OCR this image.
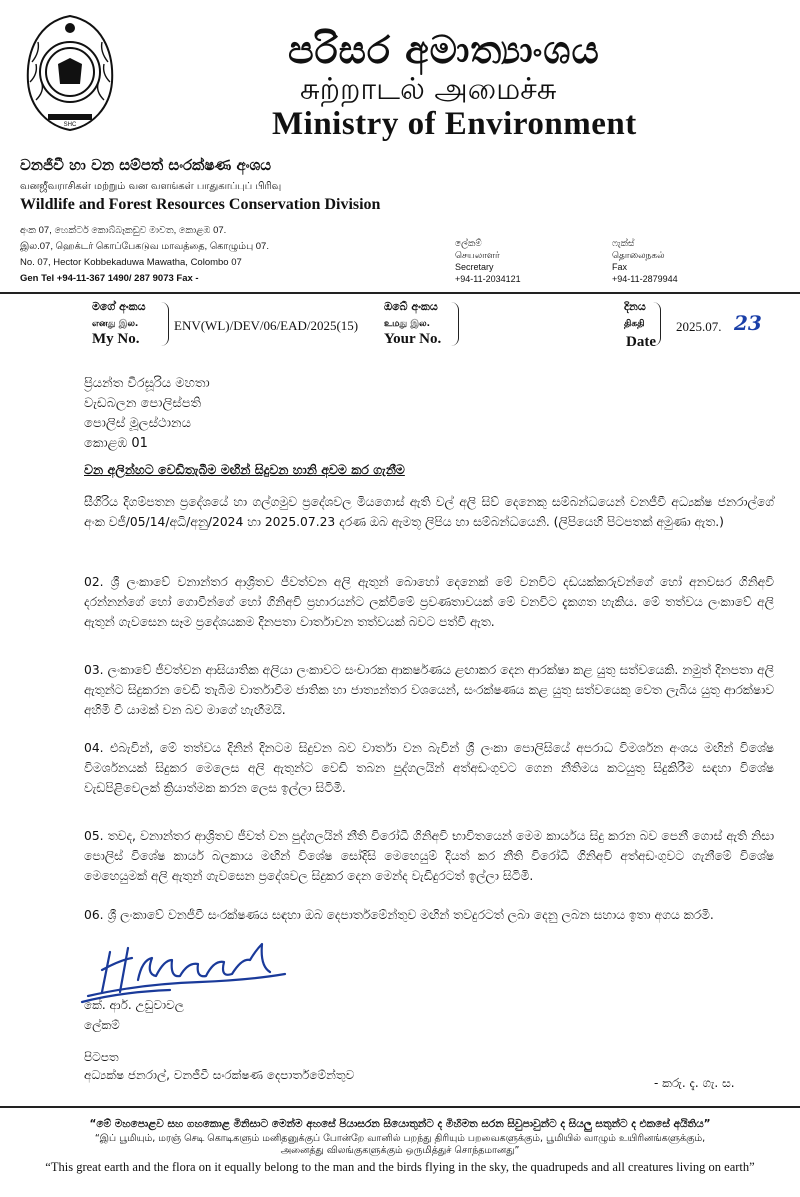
SHC
පරිසර අමාත්‍යාංශය
சுற்றாடல் அமைச்சு
Ministry of Environment
වනජීවී හා වන සම්පත් සංරක්ෂණ අංශය
வனஜீவராசிகள் மற்றும் வன வளங்கள் பாதுகாப்புப் பிரிவு
Wildlife and Forest Resources Conservation Division
අංක 07, හෙක්ටර් කොබ්බෑකඩුව මාවත, කොළඹ 07.
இல.07, ஹெக்டர் கொப்பேகடுவ மாவத்தை, கொழும்பு 07.
No. 07, Hector Kobbekaduwa Mawatha, Colombo 07
Gen Tel +94-11-367 1490/ 287 9073 Fax -
ලේකම්
செயலாளர்
Secretary
+94-11-2034121
ෆැක්ස්
தொலைநகல்
Fax
+94-11-2879944
මගේ අංකය
எனது இல.
My No.
ENV(WL)/DEV/06/EAD/2025(15)
ඔබේ අංකය
உமது இல.
Your No.
දිනය
திகதி
Date
2025.07. 23
ප්‍රියන්ත වීරසූරිය මහතා
වැඩබලන පොලිස්පති
පොලිස් මූලස්ථානය
කොළඹ 01
වන අලින්හට වෙඩිතැබීම මඟින් සිදුවන හානි අවම කර ගැනීම
සීගිරිය දිගම්පතන ප්‍රදේශයේ හා ගල්ගමුව ප්‍රදේශවල මියගොස් ඇති වල් අලි සිව් දෙනෙකු සම්බන්ධයෙන් වනජීවී අධ්‍යක්ෂ ජනරාල්ගේ අංක වජී/05/14/අධි/අනු/2024 හා 2025.07.23 දරණ ඔබ ඇමතූ ලිපිය හා සම්බන්ධයෙනි. (ලිපියෙහි පිටපතක් අමුණා ඇත.)
02. ශ්‍රී ලංකාවේ වනාන්තර ආශ්‍රිතව ජීවත්වන අලි ඇතුන් බොහෝ දෙනෙක් මේ වනවිට දඩයක්කරුවන්ගේ හෝ අනවසර ගිනිඅවි දරන්නන්ගේ හෝ ගොවීන්ගේ හෝ ගිනිඅවි ප්‍රහාරයන්ට ලක්වීමේ ප්‍රවණතාවයක් මේ වනවිට දැකගත හැකිය. මේ තත්වය ලංකාවේ අලි ඇතුන් ගැවසෙන සෑම ප්‍රදේශයකම දිනපතා වාර්තාවන තත්වයක් බවට පත්වී ඇත.
03. ලංකාවේ ජීවත්වන ආසියාතික අලියා ලංකාවට සංචාරක ආකර්ෂණය ළඟාකර දෙන ආරක්ෂා කළ යුතු සත්වයෙකි. නමුත් දිනපතා අලි ඇතුන්ට සිදුකරන වෙඩි තැබීම වාර්තාවීම ජාතික හා ජාත්‍යන්තර වශයෙන්, සංරක්ෂණය කළ යුතු සත්වයෙකු වෙත ලැබිය යුතු ආරක්ෂාව අහිමි වී යාමක් වන බව මාගේ හැඟීමයි.
04. එබැවින්, මේ තත්වය දිනින් දිනටම සිදුවන බව වාර්තා වන බැවින් ශ්‍රී ලංකා පොලිසියේ අපරාධ විමර්ශන අංශය මඟින් විශේෂ විමර්ශනයක් සිදුකර මෙලෙස අලි ඇතුන්ට වෙඩි තබන පුද්ගලයින් අත්අඩංගුවට ගෙන නීතිමය කටයුතු සිදුකිරීම සඳහා විශේෂ වැඩපිළිවෙලක් ක්‍රියාත්මක කරන ලෙස ඉල්ලා සිටිමි.
05. තවද, වනාන්තර ආශ්‍රිතව ජීවත් වන පුද්ගලයින් නීති විරෝධී ගිනිඅවි භාවිතයෙන් මෙම කාර්යය සිදු කරන බව පෙනී ගොස් ඇති නිසා පොලිස් විශේෂ කාර්ය බලකාය මඟින් විශේෂ සෝදිසි මෙහෙයුම් දියත් කර නීති විරෝධී ගිනිඅවි අත්අඩංගුවට ගැනීමේ විශේෂ මෙහෙයුමක් අලි ඇතුන් ගැවසෙන ප්‍රදේශවල සිදුකර දෙන මෙන්ද වැඩිදුරටත් ඉල්ලා සිටිමි.
06. ශ්‍රී ලංකාවේ වනජීවී සංරක්ෂණය සඳහා ඔබ දෙපාර්තමේන්තුව මඟින් තවදුරටත් ලබා දෙනු ලබන සහාය ඉතා අගය කරමි.
කේ. ආර්. උඩුවාවල
ලේකම්
පිටපත
අධ්‍යක්ෂ ජනරාල්, වනජීවී සංරක්ෂණ දෙපාර්තමේන්තුව
- කරු. දැ. ගැ. ස.
“මේ මහපොළව සහ ගහකොළ මිනිසාට මෙන්ම අහසේ පියාසරන සියොතුන්ට ද මිහිමත සරන සිවුපාවුන්ට ද සියලු සතුන්ට ද එකසේ අයිතිය”
“இப் பூமியும், மரஞ் செடி கொடிகளும் மனிதனுக்குப் போன்றே வானில் பறந்து திரியும் பறவைகளுக்கும், பூமியில் வாழும் உயிரினங்களுக்கும்,
அனைத்து விலங்குகளுக்கும் ஒருமித்துச் சொந்தமானது”
“This great earth and the flora on it equally belong to the man and the birds flying in the sky, the quadrupeds and all creatures living on earth”
